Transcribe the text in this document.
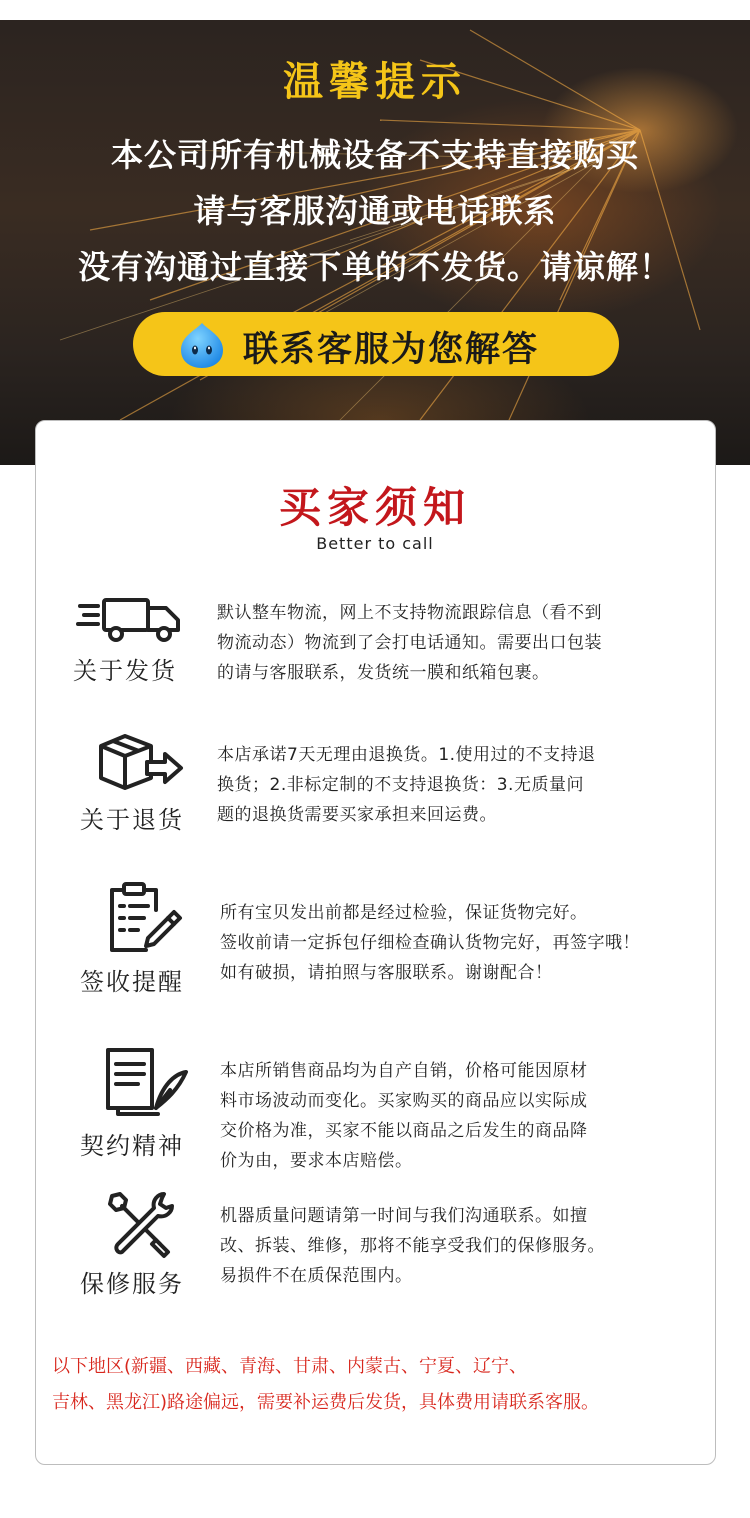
温馨提示
本公司所有机械设备不支持直接购买
请与客服沟通或电话联系
没有沟通过直接下单的不发货。请谅解！
联系客服为您解答
买家须知
Better to call
关于发货
默认整车物流，网上不支持物流跟踪信息（看不到
物流动态）物流到了会打电话通知。需要出口包装
的请与客服联系，发货统一膜和纸箱包裹。
关于退货
本店承诺7天无理由退换货。1.使用过的不支持退
换货；2.非标定制的不支持退换货：3.无质量问
题的退换货需要买家承担来回运费。
签收提醒
所有宝贝发出前都是经过检验，保证货物完好。
签收前请一定拆包仔细检查确认货物完好，再签字哦！
如有破损，请拍照与客服联系。谢谢配合！
契约精神
本店所销售商品均为自产自销，价格可能因原材
料市场波动而变化。买家购买的商品应以实际成
交价格为准，买家不能以商品之后发生的商品降
价为由，要求本店赔偿。
保修服务
机器质量问题请第一时间与我们沟通联系。如擅
改、拆装、维修，那将不能享受我们的保修服务。
易损件不在质保范围内。
以下地区(新疆、西藏、青海、甘肃、内蒙古、宁夏、辽宁、
吉林、黑龙江)路途偏远，需要补运费后发货，具体费用请联系客服。
